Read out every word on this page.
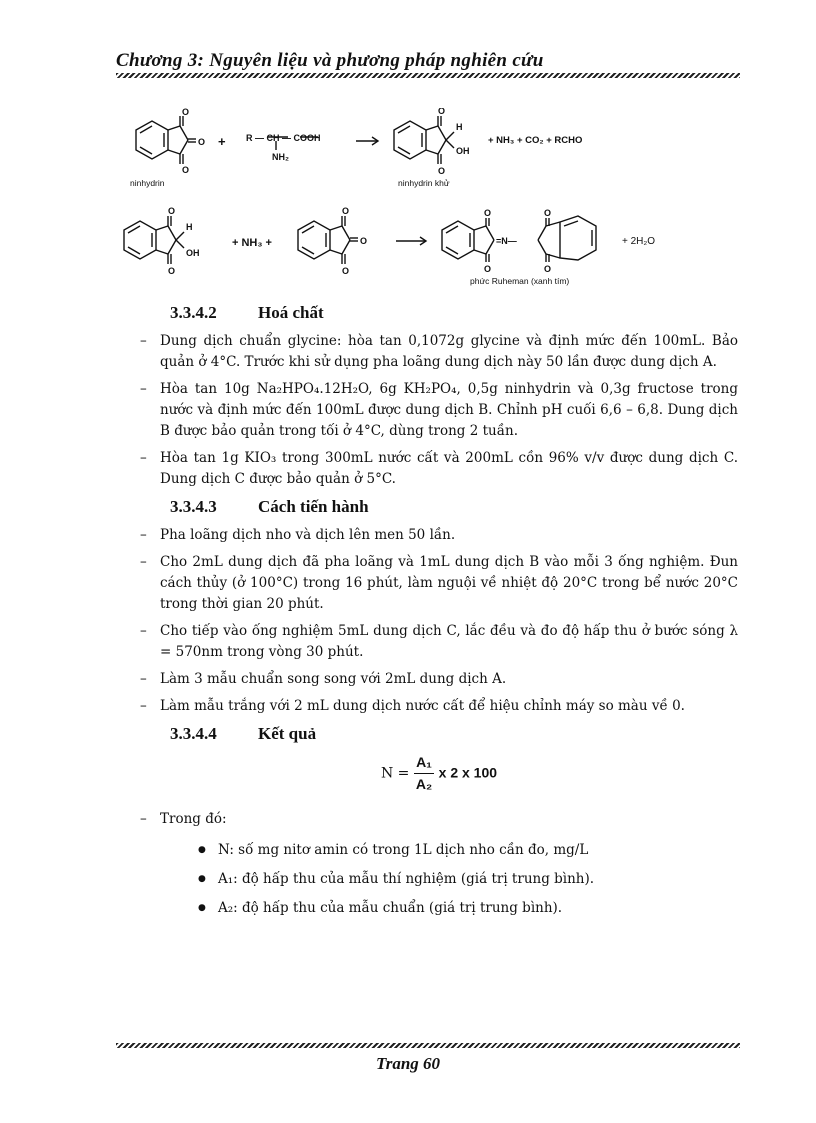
Chương 3: Nguyên liệu và phương pháp nghiên cứu
O
O
O
+ R — CH — COOH
NH₂
ninhydrin
O
O
H
OH
+ NH₃ + CO₂ + RCHO
ninhydrin khử
O
O
H
OH
+ NH₃ +
O
O
O
O
O
=N—
O
O
+ 2H₂O
phức Ruheman (xanh tím)
3.3.4.2 Hoá chất
– Dung dịch chuẩn glycine: hòa tan 0,1072g glycine và định mức đến 100mL. Bảo quản ở 4°C. Trước khi sử dụng pha loãng dung dịch này 50 lần được dung dịch A.
– Hòa tan 10g Na₂HPO₄.12H₂O, 6g KH₂PO₄, 0,5g ninhydrin và 0,3g fructose trong nước và định mức đến 100mL được dung dịch B. Chỉnh pH cuối 6,6 – 6,8. Dung dịch B được bảo quản trong tối ở 4°C, dùng trong 2 tuần.
– Hòa tan 1g KIO₃ trong 300mL nước cất và 200mL cồn 96% v/v được dung dịch C. Dung dịch C được bảo quản ở 5°C.
3.3.4.3 Cách tiến hành
– Pha loãng dịch nho và dịch lên men 50 lần.
– Cho 2mL dung dịch đã pha loãng và 1mL dung dịch B vào mỗi 3 ống nghiệm. Đun cách thủy (ở 100°C) trong 16 phút, làm nguội về nhiệt độ 20°C trong bể nước 20°C trong thời gian 20 phút.
– Cho tiếp vào ống nghiệm 5mL dung dịch C, lắc đều và đo độ hấp thu ở bước sóng λ = 570nm trong vòng 30 phút.
– Làm 3 mẫu chuẩn song song với 2mL dung dịch A.
– Làm mẫu trắng với 2 mL dung dịch nước cất để hiệu chỉnh máy so màu về 0.
3.3.4.4 Kết quả
$N = \frac{\text{A₁}}{\text{A₂}}$ x 2 x 100
– Trong đó:
● N: số mg nitơ amin có trong 1L dịch nho cần đo, mg/L
● A₁: độ hấp thu của mẫu thí nghiệm (giá trị trung bình).
● A₂: độ hấp thu của mẫu chuẩn (giá trị trung bình).
Trang 60
